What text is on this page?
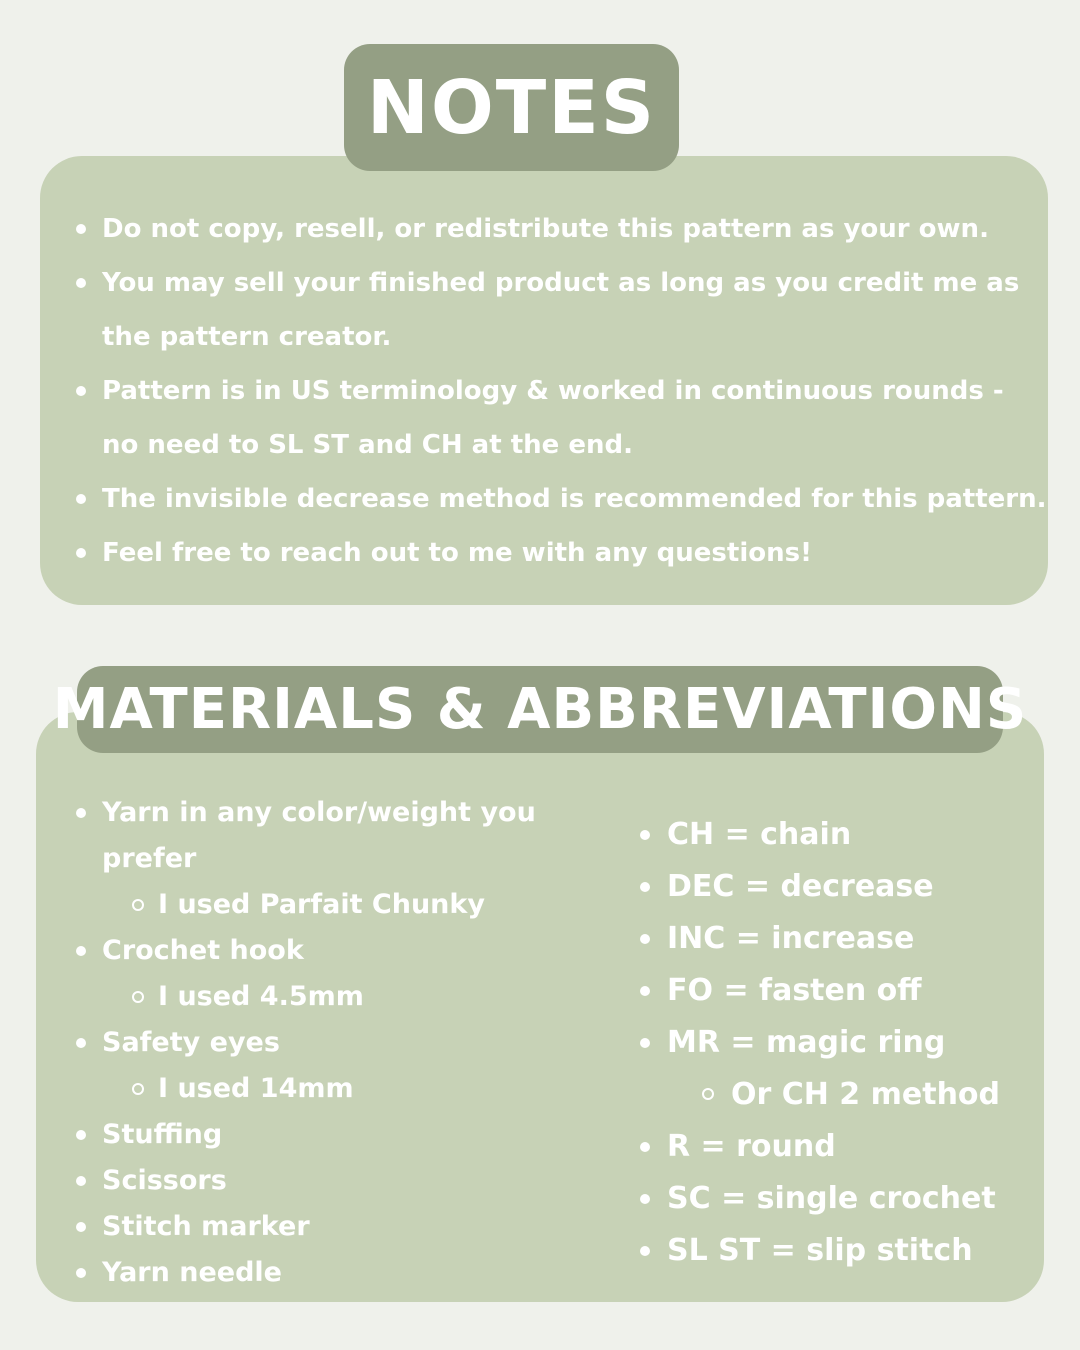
NOTES
Do not copy, resell, or redistribute this pattern as your own.
You may sell your finished product as long as you credit me as the pattern creator.
Pattern is in US terminology & worked in continuous rounds - no need to SL ST and CH at the end.
The invisible decrease method is recommended for this pattern.
Feel free to reach out to me with any questions!
MATERIALS & ABBREVIATIONS
Yarn in any color/weight you prefer
I used Parfait Chunky
Crochet hook
I used 4.5mm
Safety eyes
I used 14mm
Stuffing
Scissors
Stitch marker
Yarn needle
CH = chain
DEC = decrease
INC = increase
FO = fasten off
MR = magic ring
Or CH 2 method
R = round
SC = single crochet
SL ST = slip stitch
